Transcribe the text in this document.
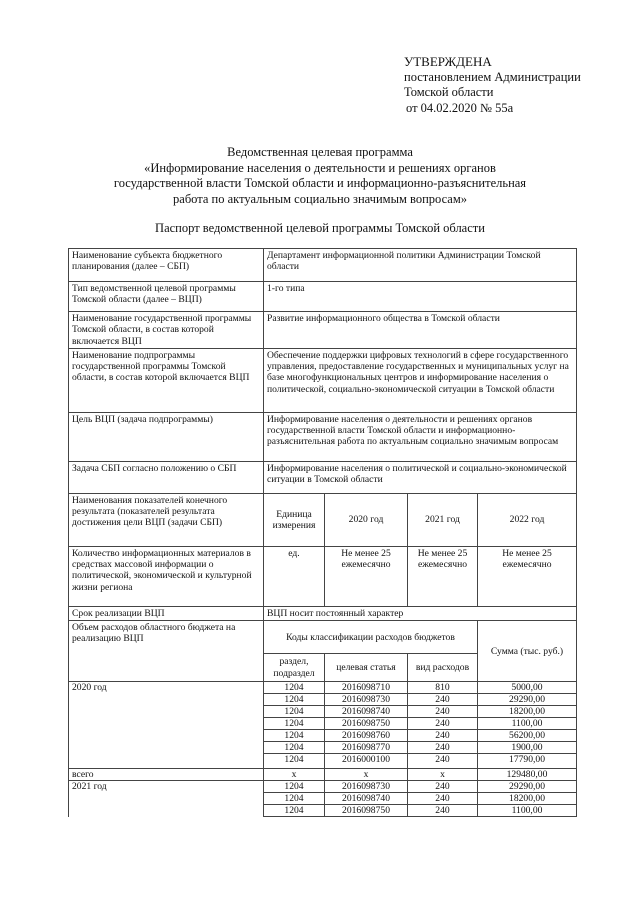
УТВЕРЖДЕНА
постановлением Администрации
Томской области
от 04.02.2020 № 55а
Ведомственная целевая программа
«Информирование населения о деятельности и решениях органов
государственной власти Томской области и информационно-разъяснительная
работа по актуальным социально значимым вопросам»
Паспорт ведомственной целевой программы Томской области
Наименование субъекта бюджетного планирования (далее – СБП)	Департамент информационной политики Администрации Томской области			
Тип ведомственной целевой программы Томской области (далее – ВЦП)	1-го типа			
Наименование государственной программы Томской области, в состав которой включается ВЦП	Развитие информационного общества в Томской области			
Наименование подпрограммы государственной программы Томской области, в состав которой включается ВЦП	Обеспечение поддержки цифровых технологий в сфере государственного управления, предоставление государственных и муниципальных услуг на базе многофункциональных центров и информирование населения о политической, социально-экономической ситуации в Томской области			
Цель ВЦП (задача подпрограммы)	Информирование населения о деятельности и решениях органов государственной власти Томской области и информационно-разъяснительная работа по актуальным социально значимым вопросам			
Задача СБП согласно положению о СБП	Информирование населения о политической и социально-экономической ситуации в Томской области			
Наименования показателей конечного результата (показателей результата достижения цели ВЦП (задачи СБП)	Единица измерения	2020 год	2021 год	2022 год
Количество информационных материалов в средствах массовой информации о политической, экономической и культурной жизни региона	ед.	Не менее 25 ежемесячно	Не менее 25 ежемесячно	Не менее 25 ежемесячно
Срок реализации ВЦП	ВЦП носит постоянный характер			
Объем расходов областного бюджета на реализацию ВЦП	Коды классификации расходов бюджетов			Сумма (тыс. руб.)
	раздел, подраздел	целевая статья	вид расходов	
2020 год	1204	2016098710	810	5000,00
	1204	2016098730	240	29290,00
	1204	2016098740	240	18200,00
	1204	2016098750	240	1100,00
	1204	2016098760	240	56200,00
	1204	2016098770	240	1900,00
	1204	2016000100	240	17790,00
всего	x	x	x	129480,00
2021 год	1204	2016098730	240	29290,00
	1204	2016098740	240	18200,00
	1204	2016098750	240	1100,00
